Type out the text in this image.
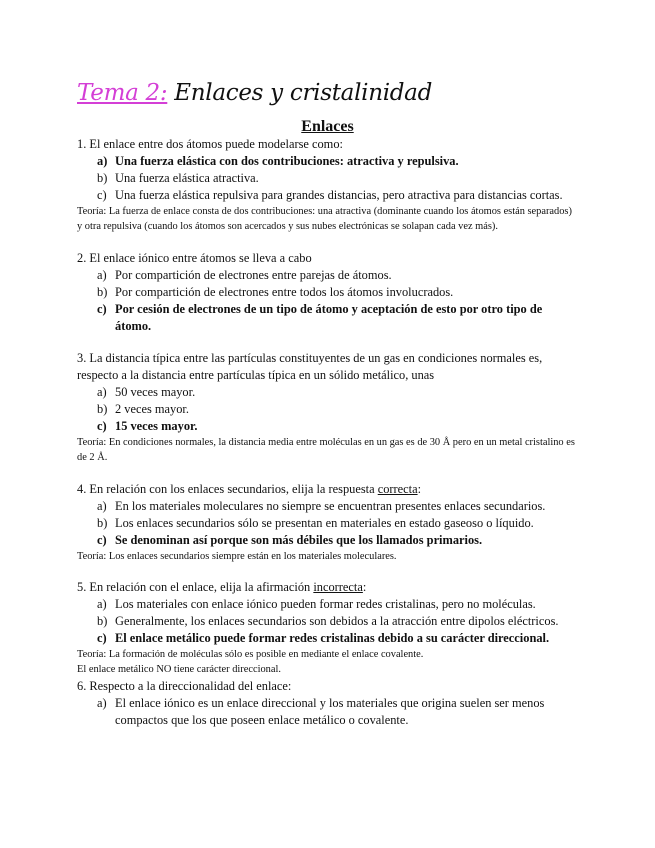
Tema 2: Enlaces y cristalinidad
Enlaces
1. El enlace entre dos átomos puede modelarse como:
a) Una fuerza elástica con dos contribuciones: atractiva y repulsiva.
b) Una fuerza elástica atractiva.
c) Una fuerza elástica repulsiva para grandes distancias, pero atractiva para distancias cortas.
Teoría: La fuerza de enlace consta de dos contribuciones: una atractiva (dominante cuando los átomos están separados) y otra repulsiva (cuando los átomos son acercados y sus nubes electrónicas se solapan cada vez más).
2. El enlace iónico entre átomos se lleva a cabo
a) Por compartición de electrones entre parejas de átomos.
b) Por compartición de electrones entre todos los átomos involucrados.
c) Por cesión de electrones de un tipo de átomo y aceptación de esto por otro tipo de átomo.
3. La distancia típica entre las partículas constituyentes de un gas en condiciones normales es, respecto a la distancia entre partículas típica en un sólido metálico, unas
a) 50 veces mayor.
b) 2 veces mayor.
c) 15 veces mayor.
Teoría: En condiciones normales, la distancia media entre moléculas en un gas es de 30 Å pero en un metal cristalino es de 2 Å.
4. En relación con los enlaces secundarios, elija la respuesta correcta:
a) En los materiales moleculares no siempre se encuentran presentes enlaces secundarios.
b) Los enlaces secundarios sólo se presentan en materiales en estado gaseoso o líquido.
c) Se denominan así porque son más débiles que los llamados primarios.
Teoría: Los enlaces secundarios siempre están en los materiales moleculares.
5. En relación con el enlace, elija la afirmación incorrecta:
a) Los materiales con enlace iónico pueden formar redes cristalinas, pero no moléculas.
b) Generalmente, los enlaces secundarios son debidos a la atracción entre dipolos eléctricos.
c) El enlace metálico puede formar redes cristalinas debido a su carácter direccional.
Teoría: La formación de moléculas sólo es posible en mediante el enlace covalente.
El enlace metálico NO tiene carácter direccional.
6. Respecto a la direccionalidad del enlace:
a) El enlace iónico es un enlace direccional y los materiales que origina suelen ser menos compactos que los que poseen enlace metálico o covalente.
